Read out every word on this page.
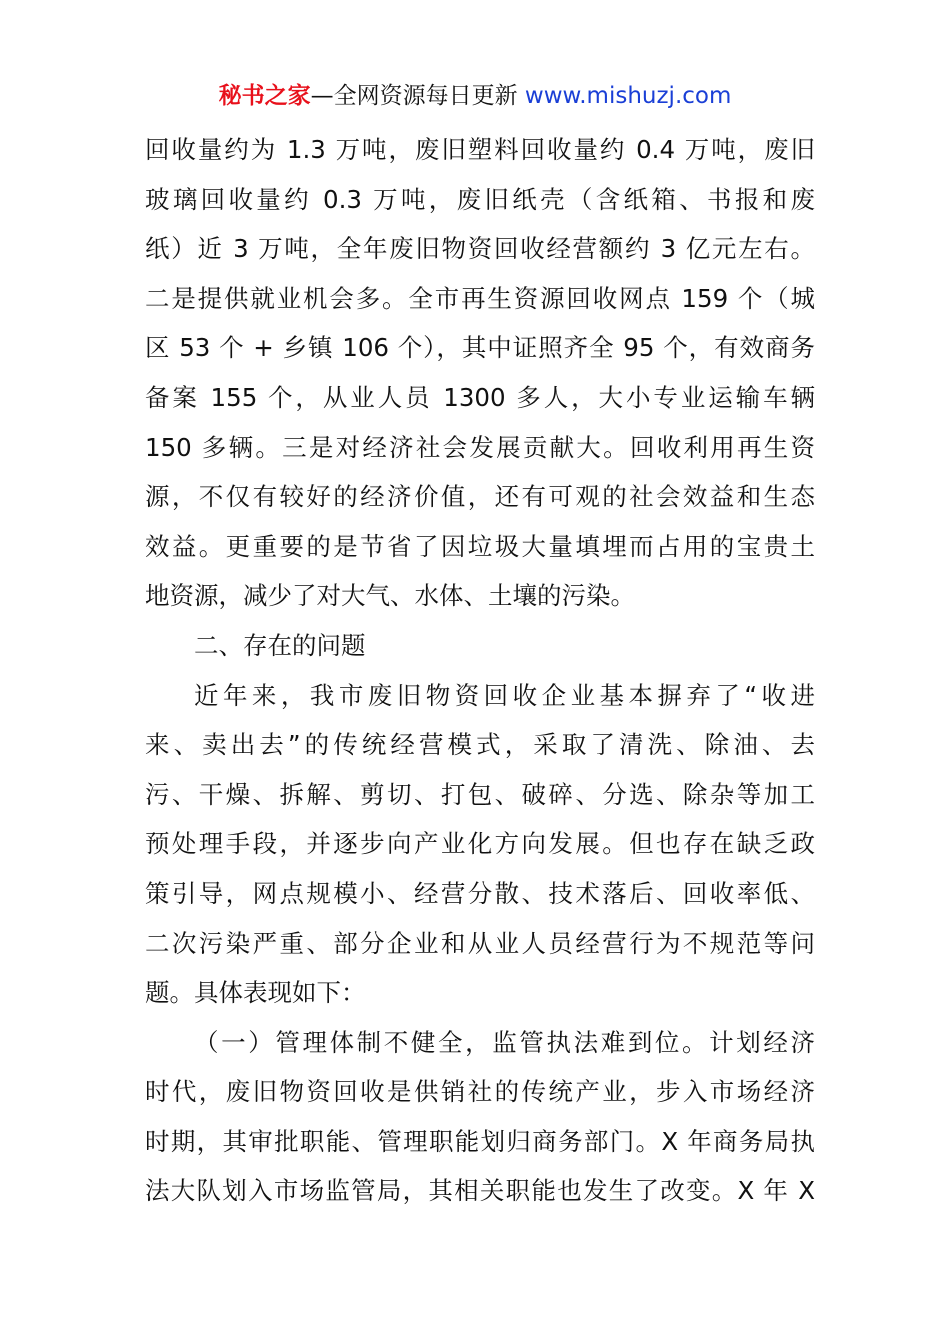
秘书之家—全网资源每日更新 www.mishuzj.com
回收量约为 1.3 万吨，废旧塑料回收量约 0.4 万吨，废旧
玻璃回收量约 0.3 万吨，废旧纸壳（含纸箱、书报和废
纸）近 3 万吨，全年废旧物资回收经营额约 3 亿元左右。
二是提供就业机会多。全市再生资源回收网点 159 个（城
区 53 个 + 乡镇 106 个），其中证照齐全 95 个，有效商务
备案 155 个，从业人员 1300 多人，大小专业运输车辆
150 多辆。三是对经济社会发展贡献大。回收利用再生资
源，不仅有较好的经济价值，还有可观的社会效益和生态
效益。更重要的是节省了因垃圾大量填埋而占用的宝贵土
地资源，减少了对大气、水体、土壤的污染。
二、存在的问题
近年来，我市废旧物资回收企业基本摒弃了“收进
来、卖出去”的传统经营模式，采取了清洗、除油、去
污、干燥、拆解、剪切、打包、破碎、分选、除杂等加工
预处理手段，并逐步向产业化方向发展。但也存在缺乏政
策引导，网点规模小、经营分散、技术落后、回收率低、
二次污染严重、部分企业和从业人员经营行为不规范等问
题。具体表现如下：
（一）管理体制不健全，监管执法难到位。计划经济
时代，废旧物资回收是供销社的传统产业，步入市场经济
时期，其审批职能、管理职能划归商务部门。X 年商务局执
法大队划入市场监管局，其相关职能也发生了改变。X 年 X
